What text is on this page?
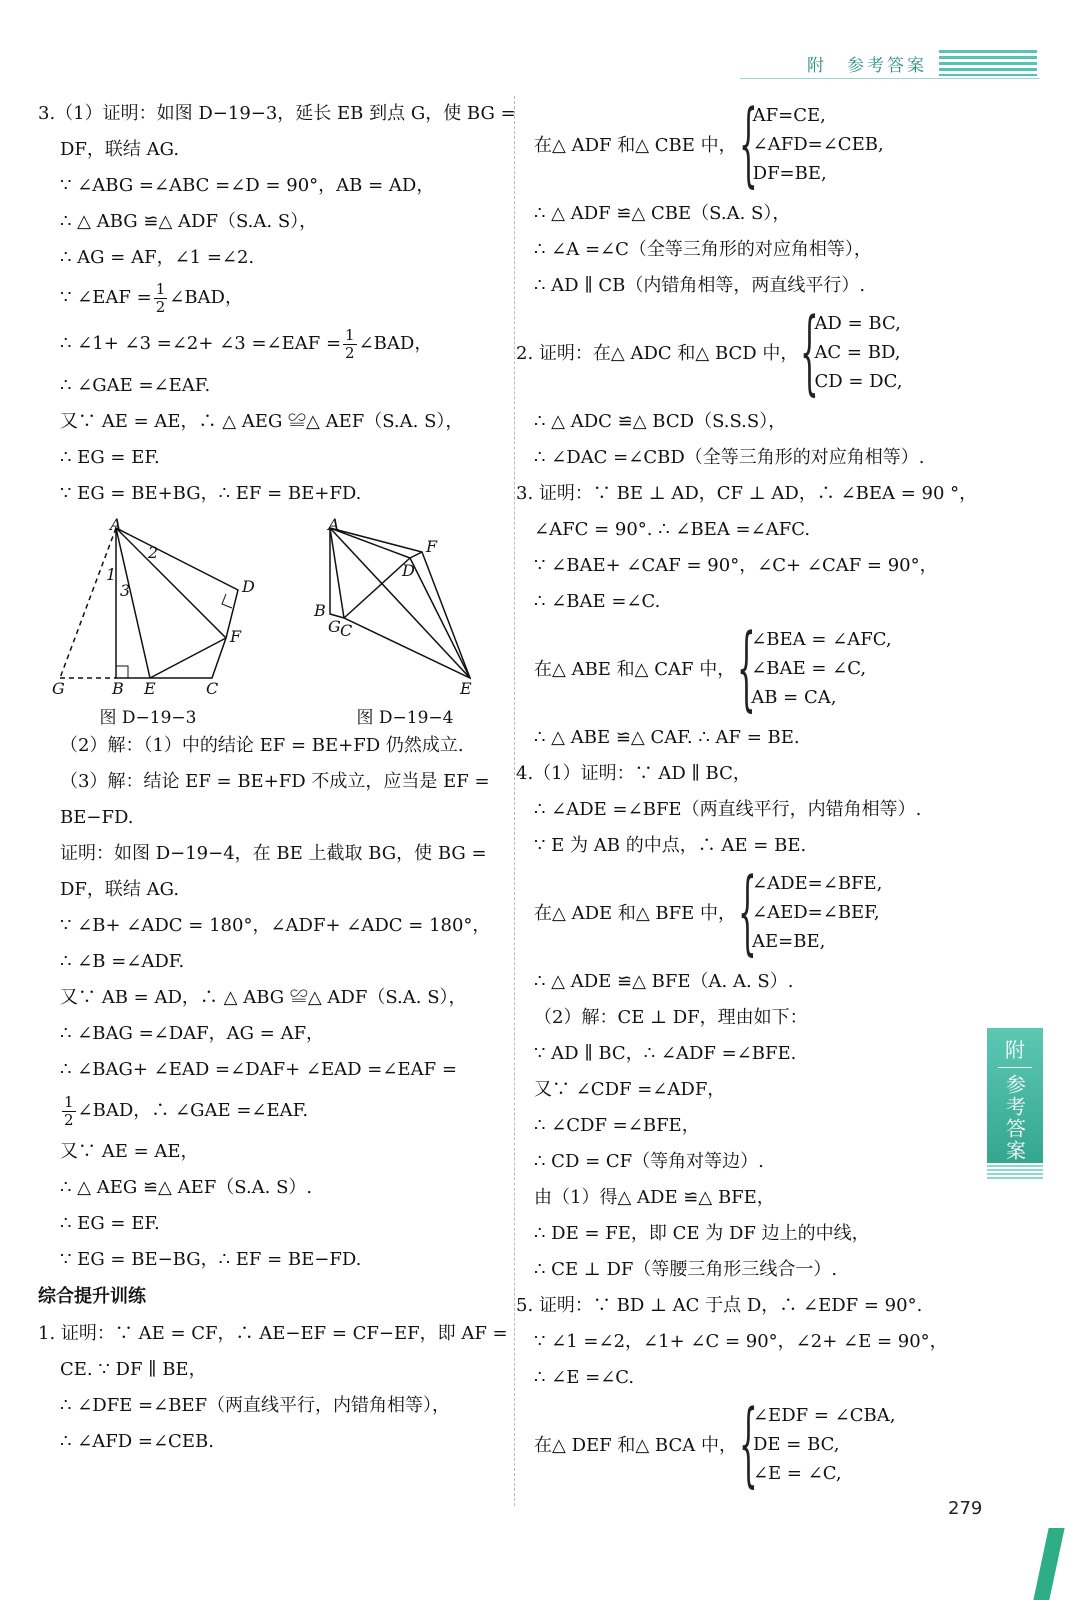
附　参考答案
3.（1）证明：如图 D−19−3，延长 EB 到点 G，使 BG =
DF，联结 AG.
∵ ∠ABG =∠ABC =∠D = 90°，AB = AD，
∴ △ ABG ≌△ ADF（S.A. S），
∴ AG = AF，∠1 =∠2.
∵ ∠EAF = $\frac{1}{2}$ ∠BAD，
∴ ∠1+ ∠3 =∠2+ ∠3 =∠EAF = $\frac{1}{2}$ ∠BAD，
∴ ∠GAE =∠EAF.
又∵ AE = AE，∴ △ AEG ≌△ AEF（S.A. S），
∴ EG = EF.
∵ EG = BE+BG，∴ EF = BE+FD.
A
2
D
1
3
F
G	B E	C
图 D−19−3
A
F
D
B
G C
E
图 D−19−4
（2）解：（1）中的结论 EF = BE+FD 仍然成立.
（3）解：结论 EF = BE+FD 不成立，应当是 EF =
BE−FD.
证明：如图 D−19−4，在 BE 上截取 BG，使 BG =
DF，联结 AG.
∵ ∠B+ ∠ADC = 180°，∠ADF+ ∠ADC = 180°，
∴ ∠B =∠ADF.
又∵ AB = AD，∴ △ ABG ≌△ ADF（S.A. S），
∴ ∠BAG =∠DAF，AG = AF，
∴ ∠BAG+ ∠EAD =∠DAF+ ∠EAD =∠EAF =
$\frac{1}{2}$ ∠BAD，∴ ∠GAE =∠EAF.
又∵ AE = AE，
∴ △ AEG ≌△ AEF（S.A. S）.
∴ EG = EF.
∵ EG = BE−BG，∴ EF = BE−FD.
综合提升训练
1. 证明：∵ AE = CF，∴ AE−EF = CF−EF，即 AF =
CE. ∵ DF ∥ BE，
∴ ∠DFE =∠BEF（两直线平行，内错角相等），
∴ ∠AFD =∠CEB.
在△ ADF 和△ CBE 中， {
AF=CE,
∠AFD=∠CEB,
DF=BE,
∴ △ ADF ≌△ CBE（S.A. S），
∴ ∠A =∠C（全等三角形的对应角相等），
∴ AD ∥ CB（内错角相等，两直线平行）.
2. 证明：在△ ADC 和△ BCD 中， {
AD = BC,
AC = BD,
CD = DC,
∴ △ ADC ≌△ BCD（S.S.S），
∴ ∠DAC =∠CBD（全等三角形的对应角相等）.
3. 证明：∵ BE ⊥ AD，CF ⊥ AD，∴ ∠BEA = 90 °，
∠AFC = 90°. ∴ ∠BEA =∠AFC.
∵ ∠BAE+ ∠CAF = 90°，∠C+ ∠CAF = 90°，
∴ ∠BAE =∠C.
在△ ABE 和△ CAF 中， {
∠BEA = ∠AFC,
∠BAE = ∠C,
AB = CA,
∴ △ ABE ≌△ CAF. ∴ AF = BE.
4.（1）证明：∵ AD ∥ BC，
∴ ∠ADE =∠BFE（两直线平行，内错角相等）.
∵ E 为 AB 的中点，∴ AE = BE.
在△ ADE 和△ BFE 中， {
∠ADE=∠BFE,
∠AED=∠BEF,
AE=BE,
∴ △ ADE ≌△ BFE（A. A. S）.
（2）解：CE ⊥ DF，理由如下：
∵ AD ∥ BC，∴ ∠ADF =∠BFE.
又∵ ∠CDF =∠ADF，
∴ ∠CDF =∠BFE，
∴ CD = CF（等角对等边）.
由（1）得△ ADE ≌△ BFE，
∴ DE = FE，即 CE 为 DF 边上的中线，
∴ CE ⊥ DF（等腰三角形三线合一）.
5. 证明：∵ BD ⊥ AC 于点 D，∴ ∠EDF = 90°.
∵ ∠1 =∠2，∠1+ ∠C = 90°，∠2+ ∠E = 90°，
∴ ∠E =∠C.
在△ DEF 和△ BCA 中， {
∠EDF = ∠CBA,
DE = BC,
∠E = ∠C,
附
参考答案
279
